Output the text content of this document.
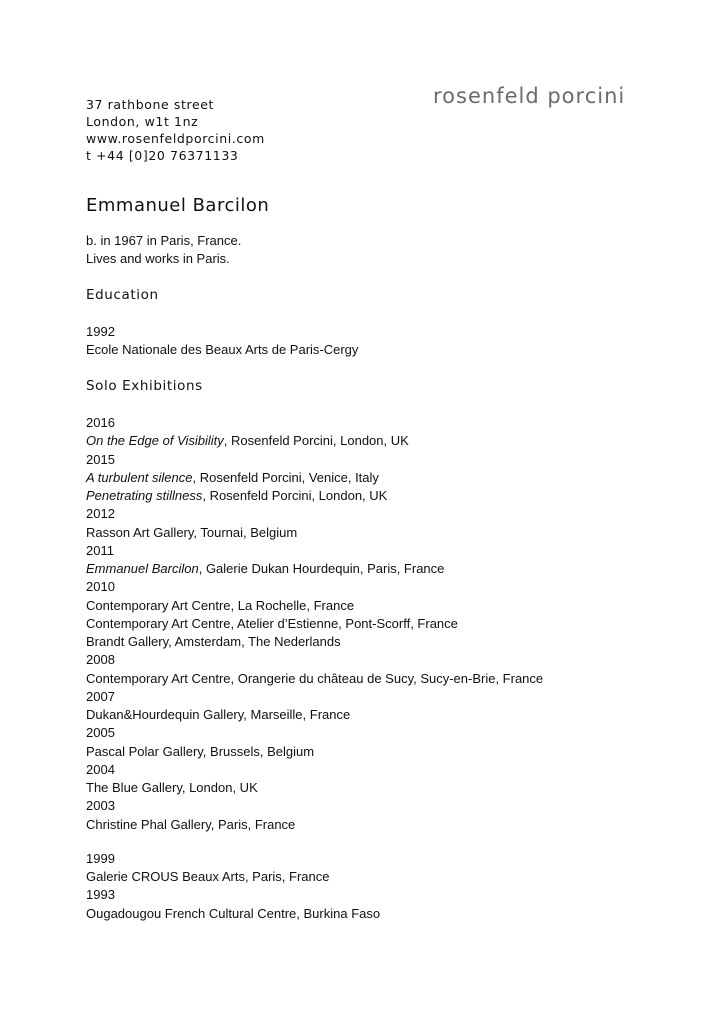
37 rathbone street
London, w1t 1nz
www.rosenfeldporcini.com
t +44 [0]20 76371133
rosenfeld porcini
Emmanuel Barcilon
b. in 1967 in Paris, France.
Lives and works in Paris.
Education
1992
Ecole Nationale des Beaux Arts de Paris-Cergy
Solo Exhibitions
2016
On the Edge of Visibility, Rosenfeld Porcini, London, UK
2015
A turbulent silence, Rosenfeld Porcini, Venice, Italy
Penetrating stillness, Rosenfeld Porcini, London, UK
2012
Rasson Art Gallery, Tournai, Belgium
2011
Emmanuel Barcilon, Galerie Dukan Hourdequin, Paris, France
2010
Contemporary Art Centre, La Rochelle, France
Contemporary Art Centre, Atelier d’Estienne, Pont-Scorff, France
Brandt Gallery, Amsterdam, The Nederlands
2008
Contemporary Art Centre, Orangerie du château de Sucy, Sucy-en-Brie, France
2007
Dukan&Hourdequin Gallery, Marseille, France
2005
Pascal Polar Gallery, Brussels, Belgium
2004
The Blue Gallery, London, UK
2003
Christine Phal Gallery, Paris, France
1999
Galerie CROUS Beaux Arts, Paris, France
1993
Ougadougou French Cultural Centre, Burkina Faso
